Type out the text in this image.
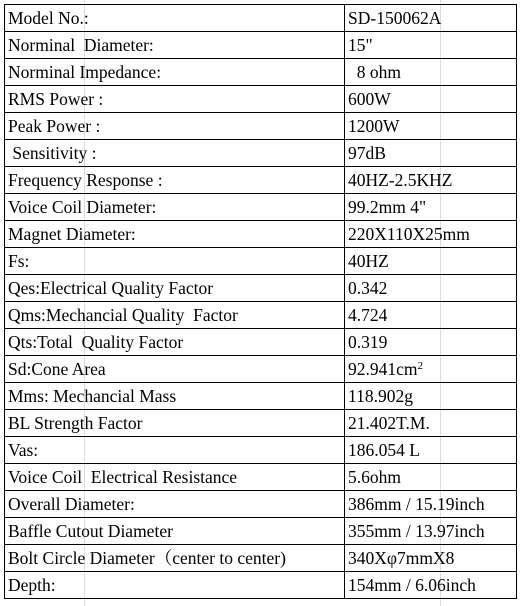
Model No.:	SD-150062A
Norminal  Diameter:	15"
Norminal Impedance:	8 ohm
RMS Power :	600W
Peak Power :	1200W
Sensitivity :	97dB
Frequency Response :	40HZ-2.5KHZ
Voice Coil Diameter:	99.2mm 4"
Magnet Diameter:	220X110X25mm
Fs:	40HZ
Qes:Electrical Quality Factor	0.342
Qms:Mechancial Quality  Factor	4.724
Qts:Total  Quality Factor	0.319
Sd:Cone Area	$92.941cm^2$
Mms: Mechancial Mass	118.902g
BL Strength Factor	21.402T.M.
Vas:	186.054 L
Voice Coil  Electrical Resistance	5.6ohm
Overall Diameter:	386mm / 15.19inch
Baffle Cutout Diameter	355mm / 13.97inch
Bolt Circle Diameter（center to center)	340Xφ7mmX8
Depth:	154mm / 6.06inch
